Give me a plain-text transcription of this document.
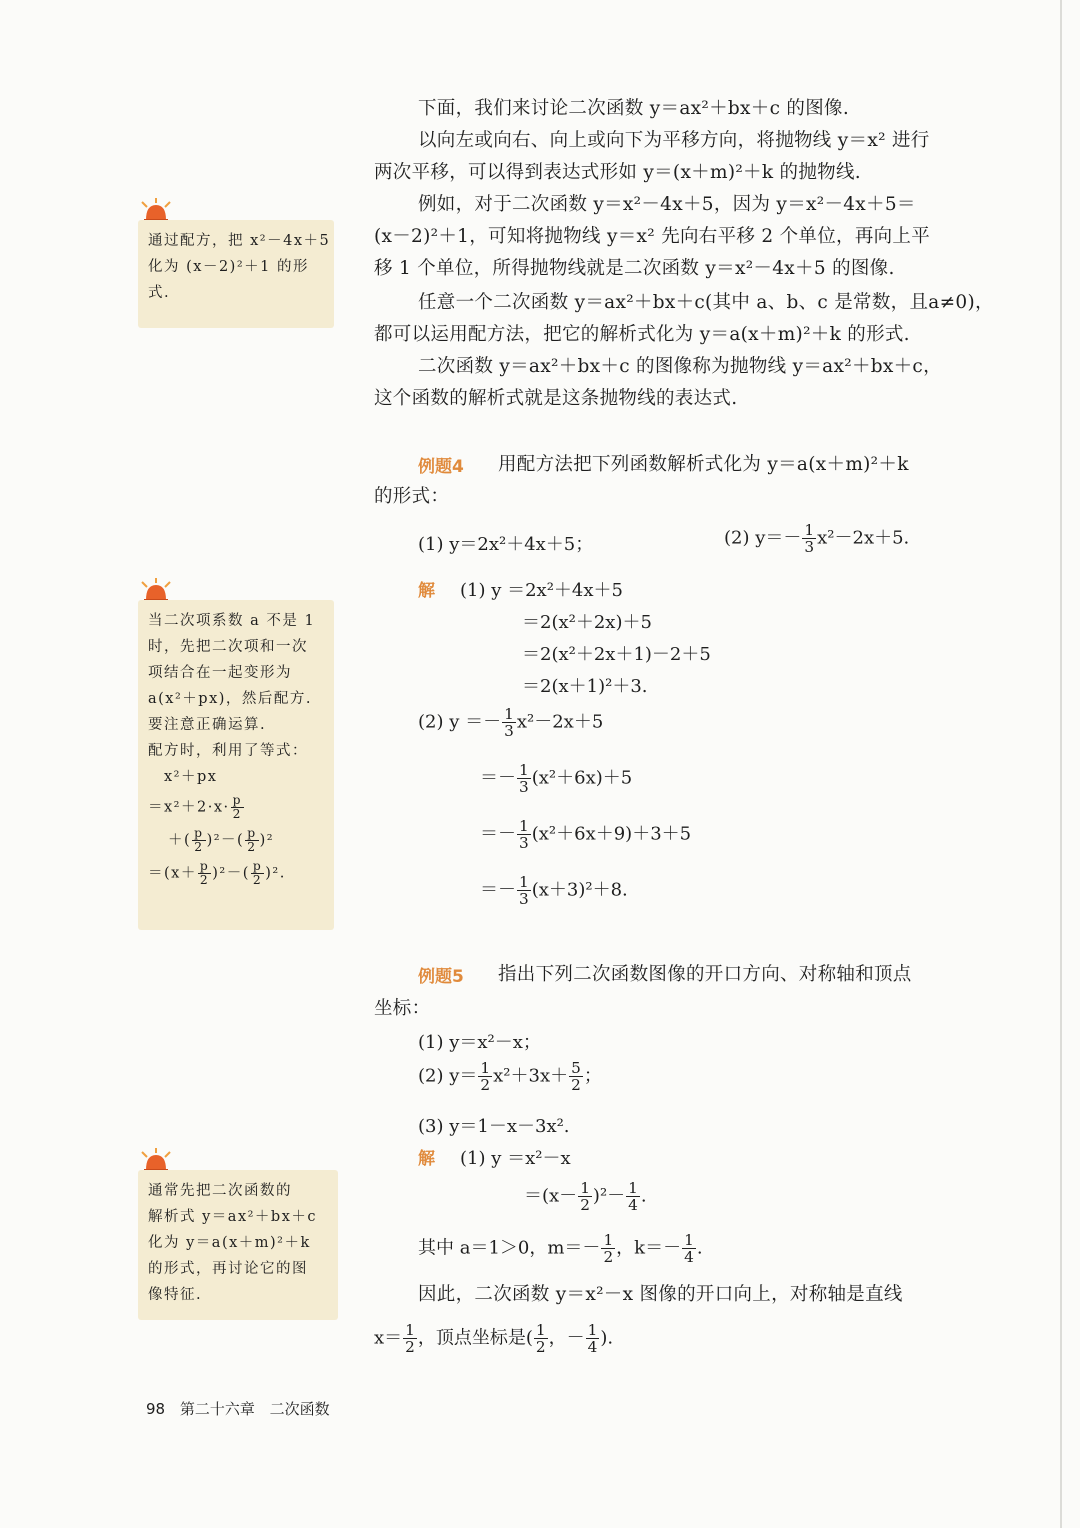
下面，我们来讨论二次函数 y＝ax²＋bx＋c 的图像.
以向左或向右、向上或向下为平移方向，将抛物线 y＝x² 进行
两次平移，可以得到表达式形如 y＝(x＋m)²＋k 的抛物线.
例如，对于二次函数 y＝x²－4x＋5，因为 y＝x²－4x＋5＝
(x－2)²＋1，可知将抛物线 y＝x² 先向右平移 2 个单位，再向上平
移 1 个单位，所得抛物线就是二次函数 y＝x²－4x＋5 的图像.
任意一个二次函数 y＝ax²＋bx＋c(其中 a、b、c 是常数，且a≠0)，
都可以运用配方法，把它的解析式化为 y＝a(x＋m)²＋k 的形式.
二次函数 y＝ax²＋bx＋c 的图像称为抛物线 y＝ax²＋bx＋c，
这个函数的解析式就是这条抛物线的表达式.
例题4 用配方法把下列函数解析式化为 y＝a(x＋m)²＋k
的形式：
(1) y＝2x²＋4x＋5；	(2) $y=- \frac{1}{3} x^2-2x+5$.
解 (1) y ＝2x²＋4x＋5
＝2(x²＋2x)＋5
＝2(x²＋2x＋1)－2＋5
＝2(x＋1)²＋3.
(2) $y =- \frac{1}{3} x^2-2x+5$
＝－ $\frac{1}{3} (x^2+6x)+5$
＝－ $\frac{1}{3} (x^2+6x+9)+3+5$
＝－ $\frac{1}{3} (x+3)^2+8$.
例题5 指出下列二次函数图像的开口方向、对称轴和顶点
坐标：
(1) y＝x²－x；
(2) $y= \frac{1}{2} x^2+3x+ \frac{5}{2}$ ；
(3) y＝1－x－3x².
解 (1) y ＝x²－x
$=(x- \frac{1}{2} )^2- \frac{1}{4}$ .
其中 a＝1＞0，$m=- \frac{1}{2}$ ，$k=- \frac{1}{4}$ .
因此，二次函数 y＝x²－x 图像的开口向上，对称轴是直线
$x= \frac{1}{2}$ ，顶点坐标是( $\frac{1}{2}$ ，－ $\frac{1}{4}$ ).
通过配方，把 x²－4x＋5
化为 (x－2)²＋1 的形
式.
当二次项系数 a 不是 1
时，先把二次项和一次
项结合在一起变形为
a(x²＋px)，然后配方.
要注意正确运算.
配方时，利用了等式：
　x²＋px
$=x^2+2\cdot x\cdot \frac{p}{2}$
＋( $\frac{p}{2} )^2-( \frac{p}{2} )^2$
$=(x+ \frac{p}{2} )^2-( \frac{p}{2} )^2$.
通常先把二次函数的
解析式 y＝ax²＋bx＋c
化为 y＝a(x＋m)²＋k
的形式，再讨论它的图
像特征.
98 第二十六章 二次函数
